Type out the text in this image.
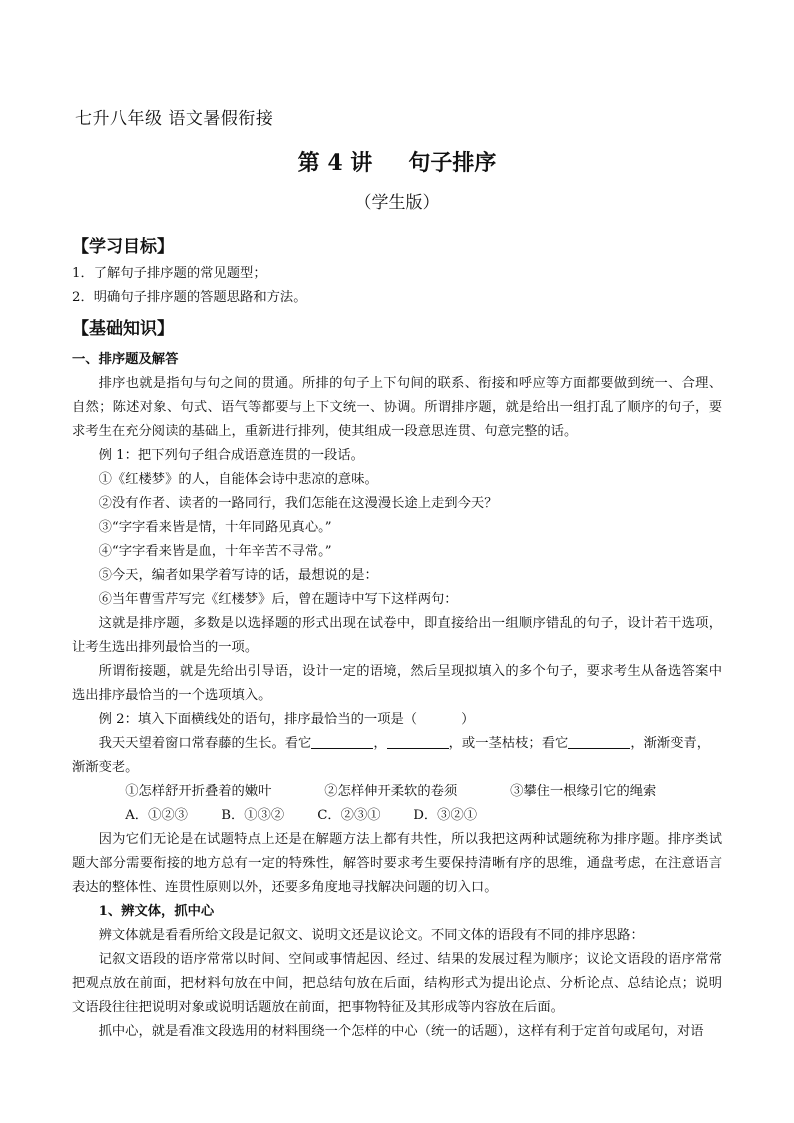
七升八年级 语文暑假衔接
第 4 讲 句子排序
（学生版）

【学习目标】

1．了解句子排序题的常见题型；

2．明确句子排序题的答题思路和方法。

【基础知识】

一、排序题及解答

排序也就是指句与句之间的贯通。所排的句子上下句间的联系、衔接和呼应等方面都要做到统一、合理、自然；陈述对象、句式、语气等都要与上下文统一、协调。所谓排序题，就是给出一组打乱了顺序的句子，要求考生在充分阅读的基础上，重新进行排列，使其组成一段意思连贯、句意完整的话。

例 1：把下列句子组合成语意连贯的一段话。

①《红楼梦》的人，自能体会诗中悲凉的意味。

②没有作者、读者的一路同行，我们怎能在这漫漫长途上走到今天？

③“字字看来皆是情，十年同路见真心。”

④“字字看来皆是血，十年辛苦不寻常。”

⑤今天，编者如果学着写诗的话，最想说的是：

⑥当年曹雪芹写完《红楼梦》后，曾在题诗中写下这样两句：

这就是排序题，多数是以选择题的形式出现在试卷中，即直接给出一组顺序错乱的句子，设计若干选项，让考生选出排列最恰当的一项。

所谓衔接题，就是先给出引导语，设计一定的语境，然后呈现拟填入的多个句子，要求考生从备选答案中选出排序最恰当的一个选项填入。

例 2：填入下面横线处的语句，排序最恰当的一项是（	）

我天天望着窗口常春藤的生长。看它	，	，或一茎枯枝；看它	，渐渐变青，

渐渐变老。

①怎样舒开折叠着的嫩叶	②怎样伸开柔软的卷须	③攀住一根缘引它的绳索

A．①②③ B．①③② C．②③① D．③②①

因为它们无论是在试题特点上还是在解题方法上都有共性，所以我把这两种试题统称为排序题。排序类试题大部分需要衔接的地方总有一定的特殊性，解答时要求考生要保持清晰有序的思维，通盘考虑，在注意语言表达的整体性、连贯性原则以外，还要多角度地寻找解决问题的切入口。

1、辨文体，抓中心

辨文体就是看看所给文段是记叙文、说明文还是议论文。不同文体的语段有不同的排序思路：

记叙文语段的语序常常以时间、空间或事情起因、经过、结果的发展过程为顺序；议论文语段的语序常常把观点放在前面，把材料句放在中间，把总结句放在后面，结构形式为提出论点、分析论点、总结论点；说明文语段往往把说明对象或说明话题放在前面，把事物特征及其形成等内容放在后面。

抓中心，就是看准文段选用的材料围绕一个怎样的中心（统一的话题），这样有利于定首句或尾句，对语
